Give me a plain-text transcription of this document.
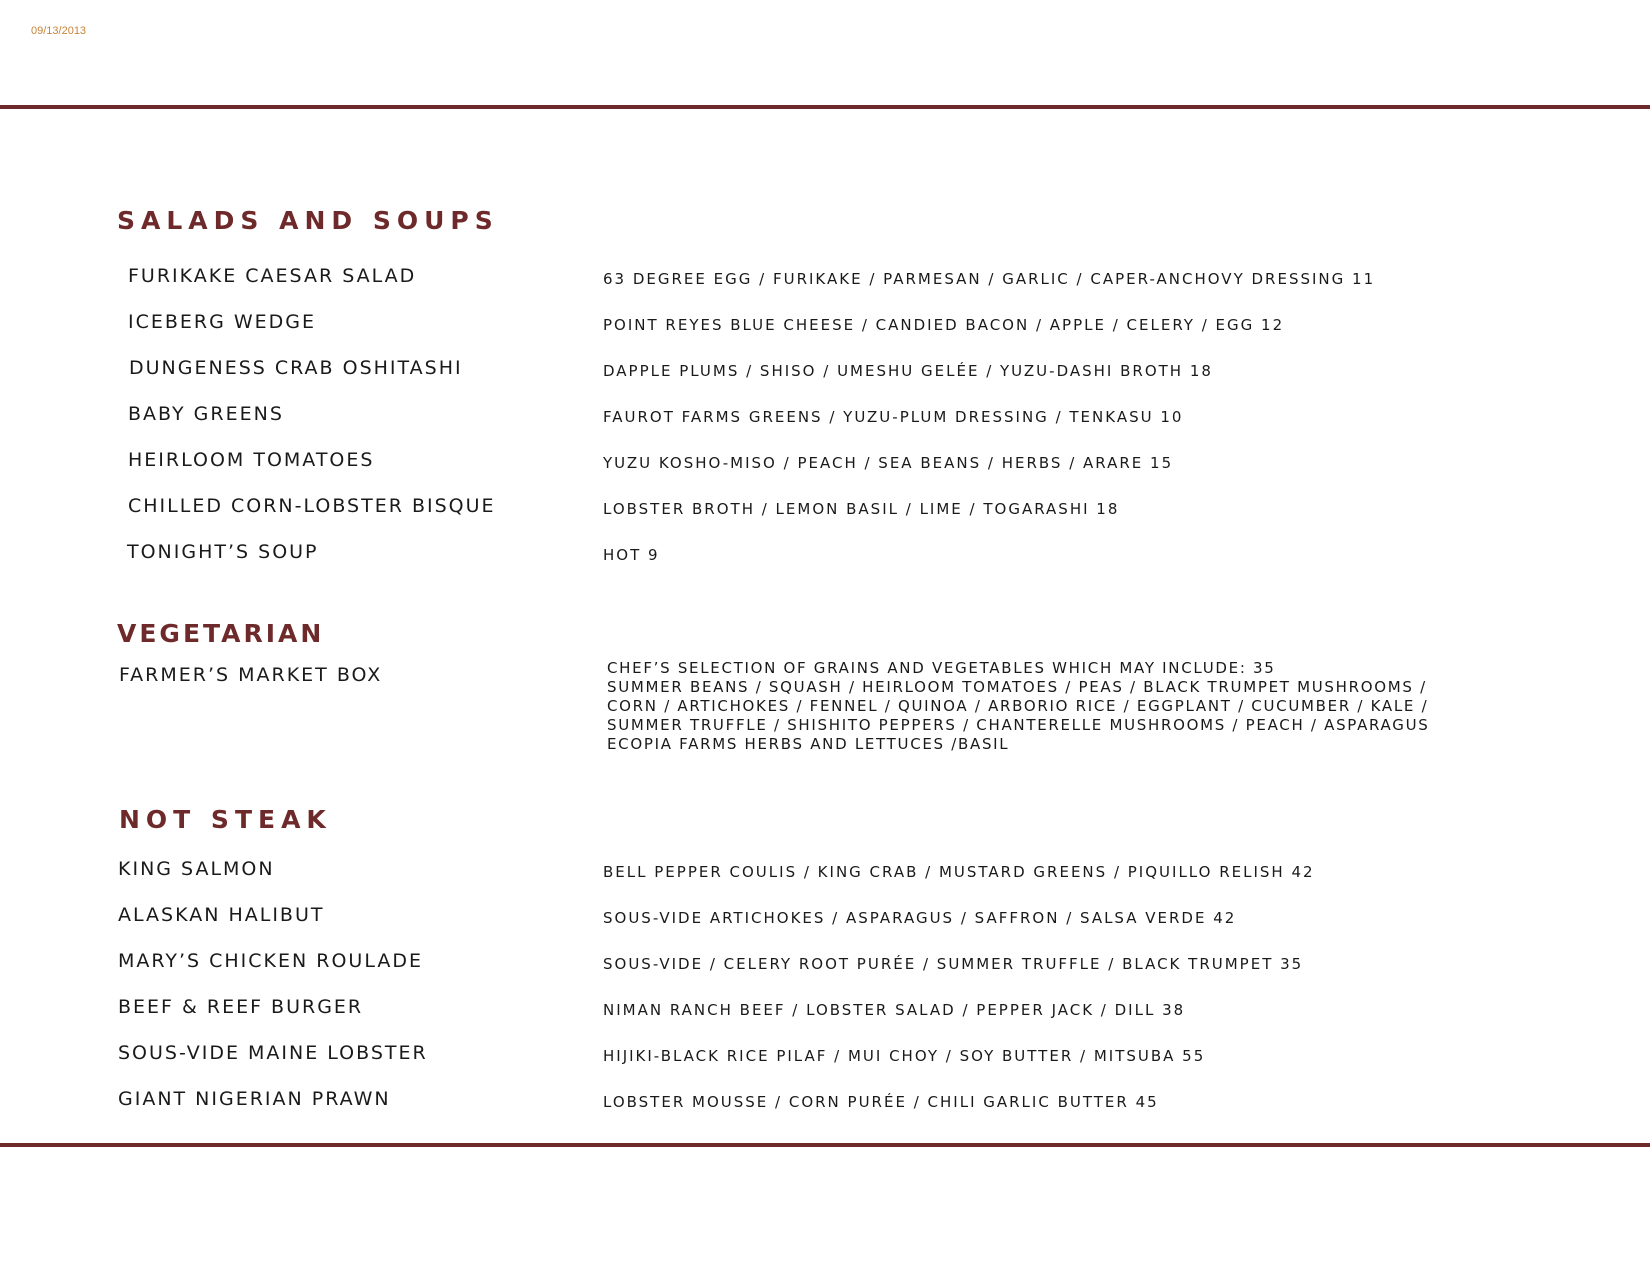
09/13/2013
SALADS AND SOUPS
FURIKAKE CAESAR SALAD	63 DEGREE EGG / FURIKAKE / PARMESAN / GARLIC / CAPER-ANCHOVY DRESSING 11
ICEBERG WEDGE	POINT REYES BLUE CHEESE / CANDIED BACON / APPLE / CELERY / EGG 12
DUNGENESS CRAB OSHITASHI	DAPPLE PLUMS / SHISO / UMESHU GELÉE / YUZU-DASHI BROTH 18
BABY GREENS	FAUROT FARMS GREENS / YUZU-PLUM DRESSING / TENKASU 10
HEIRLOOM TOMATOES	YUZU KOSHO-MISO / PEACH / SEA BEANS / HERBS / ARARE 15
CHILLED CORN-LOBSTER BISQUE	LOBSTER BROTH / LEMON BASIL / LIME / TOGARASHI 18
TONIGHT’S SOUP	HOT 9
VEGETARIAN
FARMER’S MARKET BOX	CHEF’S SELECTION OF GRAINS AND VEGETABLES WHICH MAY INCLUDE: 35
SUMMER BEANS / SQUASH / HEIRLOOM TOMATOES / PEAS / BLACK TRUMPET MUSHROOMS /
CORN / ARTICHOKES / FENNEL / QUINOA / ARBORIO RICE / EGGPLANT / CUCUMBER / KALE /
SUMMER TRUFFLE / SHISHITO PEPPERS / CHANTERELLE MUSHROOMS / PEACH / ASPARAGUS
ECOPIA FARMS HERBS AND LETTUCES /BASIL
NOT STEAK
KING SALMON	BELL PEPPER COULIS / KING CRAB / MUSTARD GREENS / PIQUILLO RELISH 42
ALASKAN HALIBUT	SOUS-VIDE ARTICHOKES / ASPARAGUS / SAFFRON / SALSA VERDE 42
MARY’S CHICKEN ROULADE	SOUS-VIDE / CELERY ROOT PURÉE / SUMMER TRUFFLE / BLACK TRUMPET 35
BEEF & REEF BURGER	NIMAN RANCH BEEF / LOBSTER SALAD / PEPPER JACK / DILL 38
SOUS-VIDE MAINE LOBSTER	HIJIKI-BLACK RICE PILAF / MUI CHOY / SOY BUTTER / MITSUBA 55
GIANT NIGERIAN PRAWN	LOBSTER MOUSSE / CORN PURÉE / CHILI GARLIC BUTTER 45
